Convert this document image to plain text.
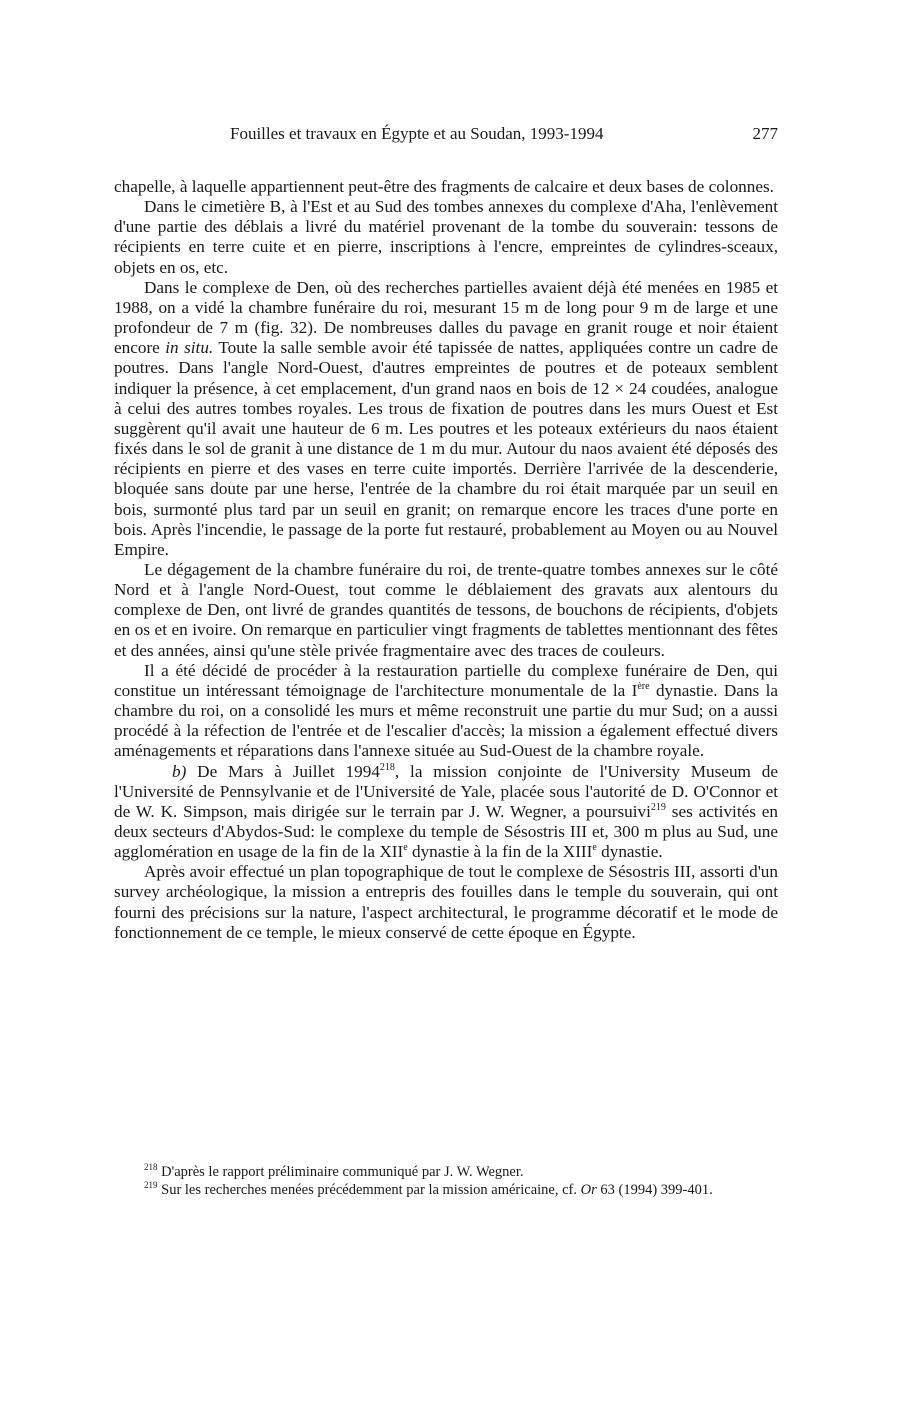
Fouilles et travaux en Égypte et au Soudan, 1993-1994	277

chapelle, à laquelle appartiennent peut-être des fragments de calcaire et deux bases de colonnes.

Dans le cimetière B, à l'Est et au Sud des tombes annexes du complexe d'Aha, l'enlèvement d'une partie des déblais a livré du matériel provenant de la tombe du souverain: tessons de récipients en terre cuite et en pierre, inscriptions à l'encre, empreintes de cylindres-sceaux, objets en os, etc.

Dans le complexe de Den, où des recherches partielles avaient déjà été menées en 1985 et 1988, on a vidé la chambre funéraire du roi, mesurant 15 m de long pour 9 m de large et une profondeur de 7 m (fig. 32). De nombreuses dalles du pavage en granit rouge et noir étaient encore in situ. Toute la salle semble avoir été tapissée de nattes, appliquées contre un cadre de poutres. Dans l'angle Nord-Ouest, d'autres empreintes de poutres et de poteaux semblent indiquer la présence, à cet emplacement, d'un grand naos en bois de 12 × 24 coudées, analogue à celui des autres tombes royales. Les trous de fixation de poutres dans les murs Ouest et Est suggèrent qu'il avait une hauteur de 6 m. Les poutres et les poteaux extérieurs du naos étaient fixés dans le sol de granit à une distance de 1 m du mur. Autour du naos avaient été déposés des récipients en pierre et des vases en terre cuite importés. Derrière l'arrivée de la descenderie, bloquée sans doute par une herse, l'entrée de la chambre du roi était marquée par un seuil en bois, surmonté plus tard par un seuil en granit; on remarque encore les traces d'une porte en bois. Après l'incendie, le passage de la porte fut restauré, probablement au Moyen ou au Nouvel Empire.

Le dégagement de la chambre funéraire du roi, de trente-quatre tombes annexes sur le côté Nord et à l'angle Nord-Ouest, tout comme le déblaiement des gravats aux alentours du complexe de Den, ont livré de grandes quantités de tessons, de bouchons de récipients, d'objets en os et en ivoire. On remarque en particulier vingt fragments de tablettes mentionnant des fêtes et des années, ainsi qu'une stèle privée fragmentaire avec des traces de couleurs.

Il a été décidé de procéder à la restauration partielle du complexe funéraire de Den, qui constitue un intéressant témoignage de l'architecture monumentale de la Ière dynastie. Dans la chambre du roi, on a consolidé les murs et même reconstruit une partie du mur Sud; on a aussi procédé à la réfection de l'entrée et de l'escalier d'accès; la mission a également effectué divers aménagements et réparations dans l'annexe située au Sud-Ouest de la chambre royale.

b) De Mars à Juillet 1994$^{218}$, la mission conjointe de l'University Museum de l'Université de Pennsylvanie et de l'Université de Yale, placée sous l'autorité de D. O'Connor et de W. K. Simpson, mais dirigée sur le terrain par J. W. Wegner, a poursuivi$^{219}$ ses activités en deux secteurs d'Abydos-Sud: le complexe du temple de Sésostris III et, 300 m plus au Sud, une agglomération en usage de la fin de la XIIe dynastie à la fin de la XIIIe dynastie.

Après avoir effectué un plan topographique de tout le complexe de Sésostris III, assorti d'un survey archéologique, la mission a entrepris des fouilles dans le temple du souverain, qui ont fourni des précisions sur la nature, l'aspect architectural, le programme décoratif et le mode de fonctionnement de ce temple, le mieux conservé de cette époque en Égypte.

$^{218}$ D'après le rapport préliminaire communiqué par J. W. Wegner.

$^{219}$ Sur les recherches menées précédemment par la mission américaine, cf. Or 63 (1994) 399-401.
